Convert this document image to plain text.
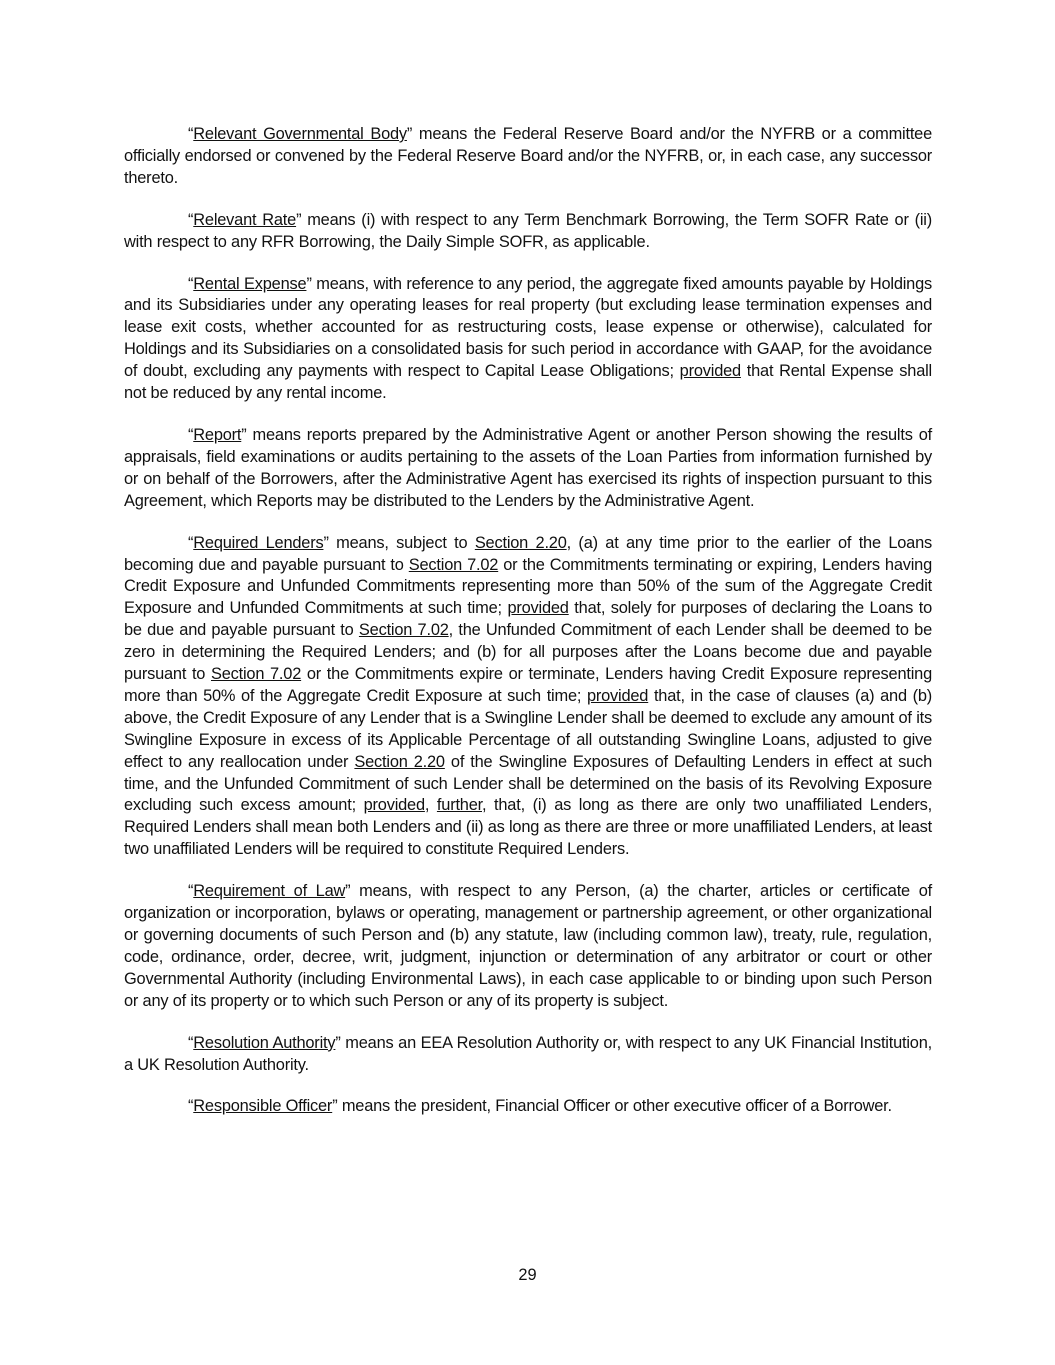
“Relevant Governmental Body” means the Federal Reserve Board and/or the NYFRB or a committee officially endorsed or convened by the Federal Reserve Board and/or the NYFRB, or, in each case, any successor thereto.

“Relevant Rate” means (i) with respect to any Term Benchmark Borrowing, the Term SOFR Rate or (ii) with respect to any RFR Borrowing, the Daily Simple SOFR, as applicable.

“Rental Expense” means, with reference to any period, the aggregate fixed amounts payable by Holdings and its Subsidiaries under any operating leases for real property (but excluding lease termination expenses and lease exit costs, whether accounted for as restructuring costs, lease expense or otherwise), calculated for Holdings and its Subsidiaries on a consolidated basis for such period in accordance with GAAP, for the avoidance of doubt, excluding any payments with respect to Capital Lease Obligations; provided that Rental Expense shall not be reduced by any rental income.

“Report” means reports prepared by the Administrative Agent or another Person showing the results of appraisals, field examinations or audits pertaining to the assets of the Loan Parties from information furnished by or on behalf of the Borrowers, after the Administrative Agent has exercised its rights of inspection pursuant to this Agreement, which Reports may be distributed to the Lenders by the Administrative Agent.

“Required Lenders” means, subject to Section 2.20, (a) at any time prior to the earlier of the Loans becoming due and payable pursuant to Section 7.02 or the Commitments terminating or expiring, Lenders having Credit Exposure and Unfunded Commitments representing more than 50% of the sum of the Aggregate Credit Exposure and Unfunded Commitments at such time; provided that, solely for purposes of declaring the Loans to be due and payable pursuant to Section 7.02, the Unfunded Commitment of each Lender shall be deemed to be zero in determining the Required Lenders; and (b) for all purposes after the Loans become due and payable pursuant to Section 7.02 or the Commitments expire or terminate, Lenders having Credit Exposure representing more than 50% of the Aggregate Credit Exposure at such time; provided that, in the case of clauses (a) and (b) above, the Credit Exposure of any Lender that is a Swingline Lender shall be deemed to exclude any amount of its Swingline Exposure in excess of its Applicable Percentage of all outstanding Swingline Loans, adjusted to give effect to any reallocation under Section 2.20 of the Swingline Exposures of Defaulting Lenders in effect at such time, and the Unfunded Commitment of such Lender shall be determined on the basis of its Revolving Exposure excluding such excess amount; provided, further, that, (i) as long as there are only two unaffiliated Lenders, Required Lenders shall mean both Lenders and (ii) as long as there are three or more unaffiliated Lenders, at least two unaffiliated Lenders will be required to constitute Required Lenders.

“Requirement of Law” means, with respect to any Person, (a) the charter, articles or certificate of organization or incorporation, bylaws or operating, management or partnership agreement, or other organizational or governing documents of such Person and (b) any statute, law (including common law), treaty, rule, regulation, code, ordinance, order, decree, writ, judgment, injunction or determination of any arbitrator or court or other Governmental Authority (including Environmental Laws), in each case applicable to or binding upon such Person or any of its property or to which such Person or any of its property is subject.

“Resolution Authority” means an EEA Resolution Authority or, with respect to any UK Financial Institution, a UK Resolution Authority.

“Responsible Officer” means the president, Financial Officer or other executive officer of a Borrower.

29
